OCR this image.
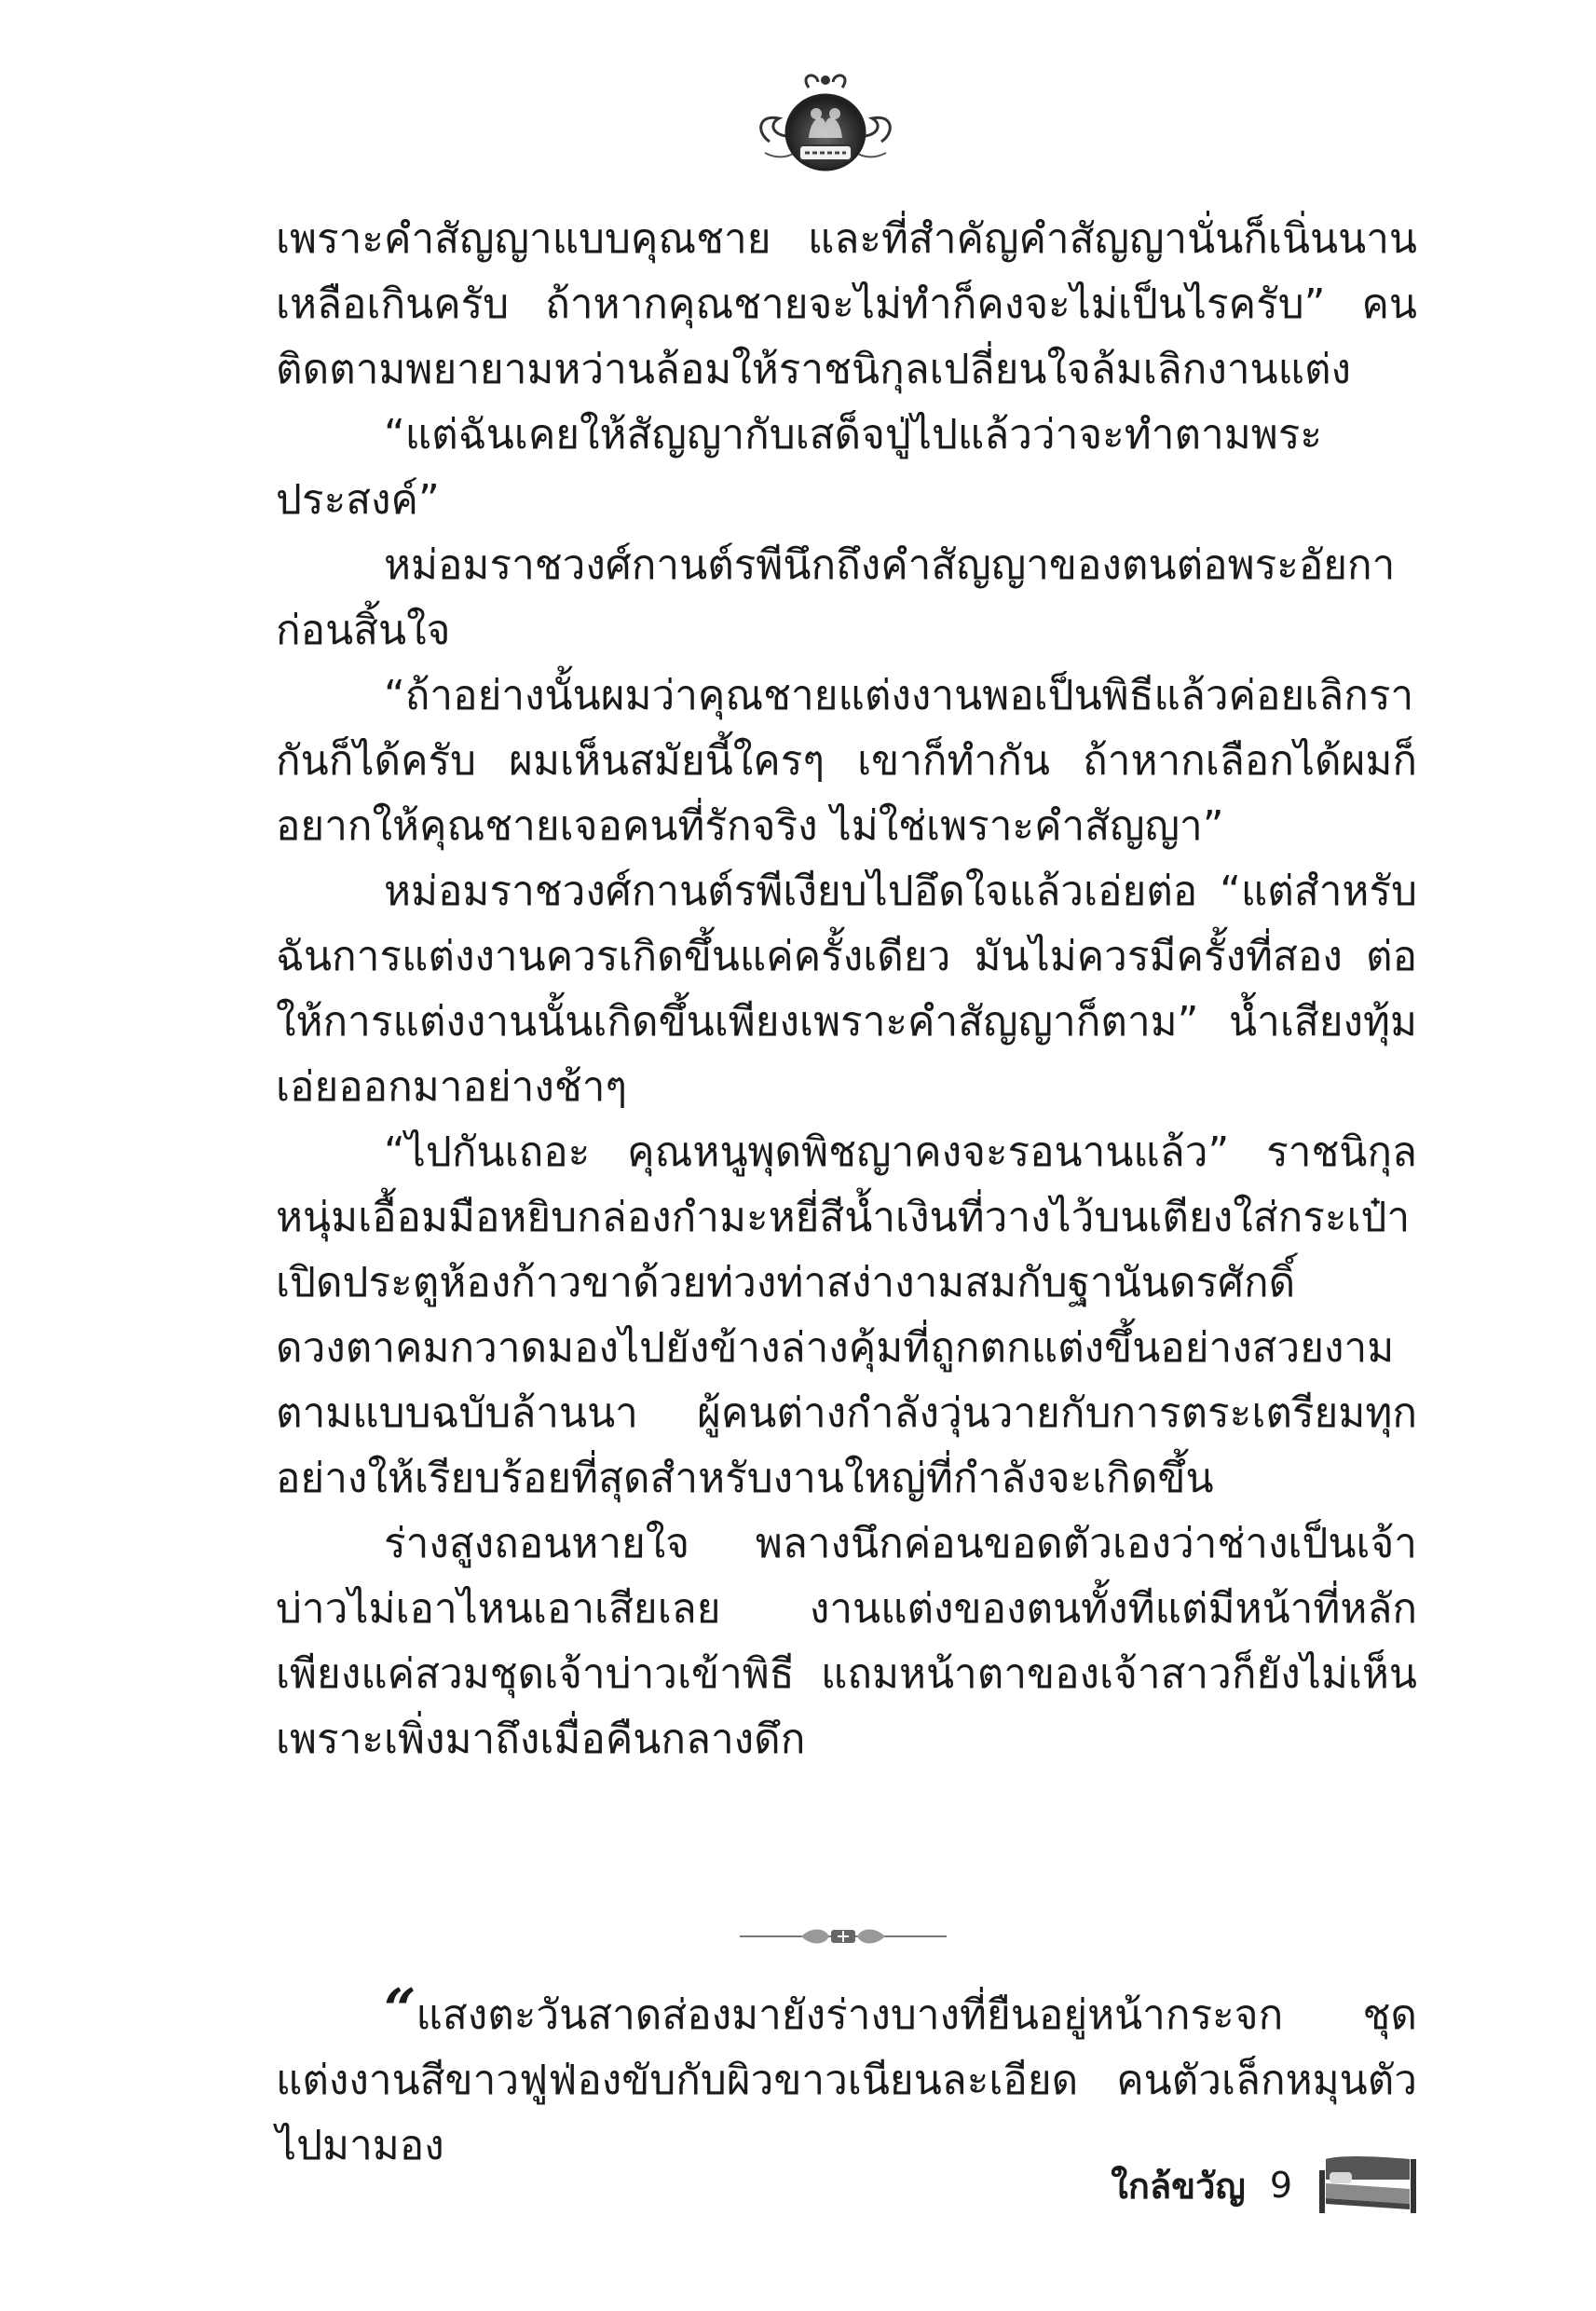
เพราะคำสัญญาแบบคุณชาย และที่สำคัญคำสัญญานั่นก็เนิ่นนานเหลือเกินครับ ถ้าหากคุณชายจะไม่ทำก็คงจะไม่เป็นไรครับ” คนติดตามพยายามหว่านล้อมให้ราชนิกุลเปลี่ยนใจล้มเลิกงานแต่ง

“แต่ฉันเคยให้สัญญากับเสด็จปู่ไปแล้วว่าจะทำตามพระประสงค์”

หม่อมราชวงศ์กานต์รพีนึกถึงคำสัญญาของตนต่อพระอัยกาก่อนสิ้นใจ

“ถ้าอย่างนั้นผมว่าคุณชายแต่งงานพอเป็นพิธีแล้วค่อยเลิกรากันก็ได้ครับ ผมเห็นสมัยนี้ใครๆ เขาก็ทำกัน ถ้าหากเลือกได้ผมก็อยากให้คุณชายเจอคนที่รักจริง ไม่ใช่เพราะคำสัญญา”

หม่อมราชวงศ์กานต์รพีเงียบไปอึดใจแล้วเอ่ยต่อ “แต่สำหรับฉันการแต่งงานควรเกิดขึ้นแค่ครั้งเดียว มันไม่ควรมีครั้งที่สอง ต่อให้การแต่งงานนั้นเกิดขึ้นเพียงเพราะคำสัญญาก็ตาม” น้ำเสียงทุ้มเอ่ยออกมาอย่างช้าๆ

“ไปกันเถอะ คุณหนูพุดพิชญาคงจะรอนานแล้ว” ราชนิกุลหนุ่มเอื้อมมือหยิบกล่องกำมะหยี่สีน้ำเงินที่วางไว้บนเตียงใส่กระเป๋า เปิดประตูห้องก้าวขาด้วยท่วงท่าสง่างามสมกับฐานันดรศักดิ์ ดวงตาคมกวาดมองไปยังข้างล่างคุ้มที่ถูกตกแต่งขึ้นอย่างสวยงามตามแบบฉบับล้านนา ผู้คนต่างกำลังวุ่นวายกับการตระเตรียมทุกอย่างให้เรียบร้อยที่สุดสำหรับงานใหญ่ที่กำลังจะเกิดขึ้น

ร่างสูงถอนหายใจ พลางนึกค่อนขอดตัวเองว่าช่างเป็นเจ้าบ่าวไม่เอาไหนเอาเสียเลย งานแต่งของตนทั้งทีแต่มีหน้าที่หลักเพียงแค่สวมชุดเจ้าบ่าวเข้าพิธี แถมหน้าตาของเจ้าสาวก็ยังไม่เห็นเพราะเพิ่งมาถึงเมื่อคืนกลางดึก

“ แสงตะวันสาดส่องมายังร่างบางที่ยืนอยู่หน้ากระจก ชุดแต่งงานสีขาวฟูฟ่องขับกับผิวขาวเนียนละเอียด คนตัวเล็กหมุนตัวไปมามอง

ใกล้ขวัญ 9
